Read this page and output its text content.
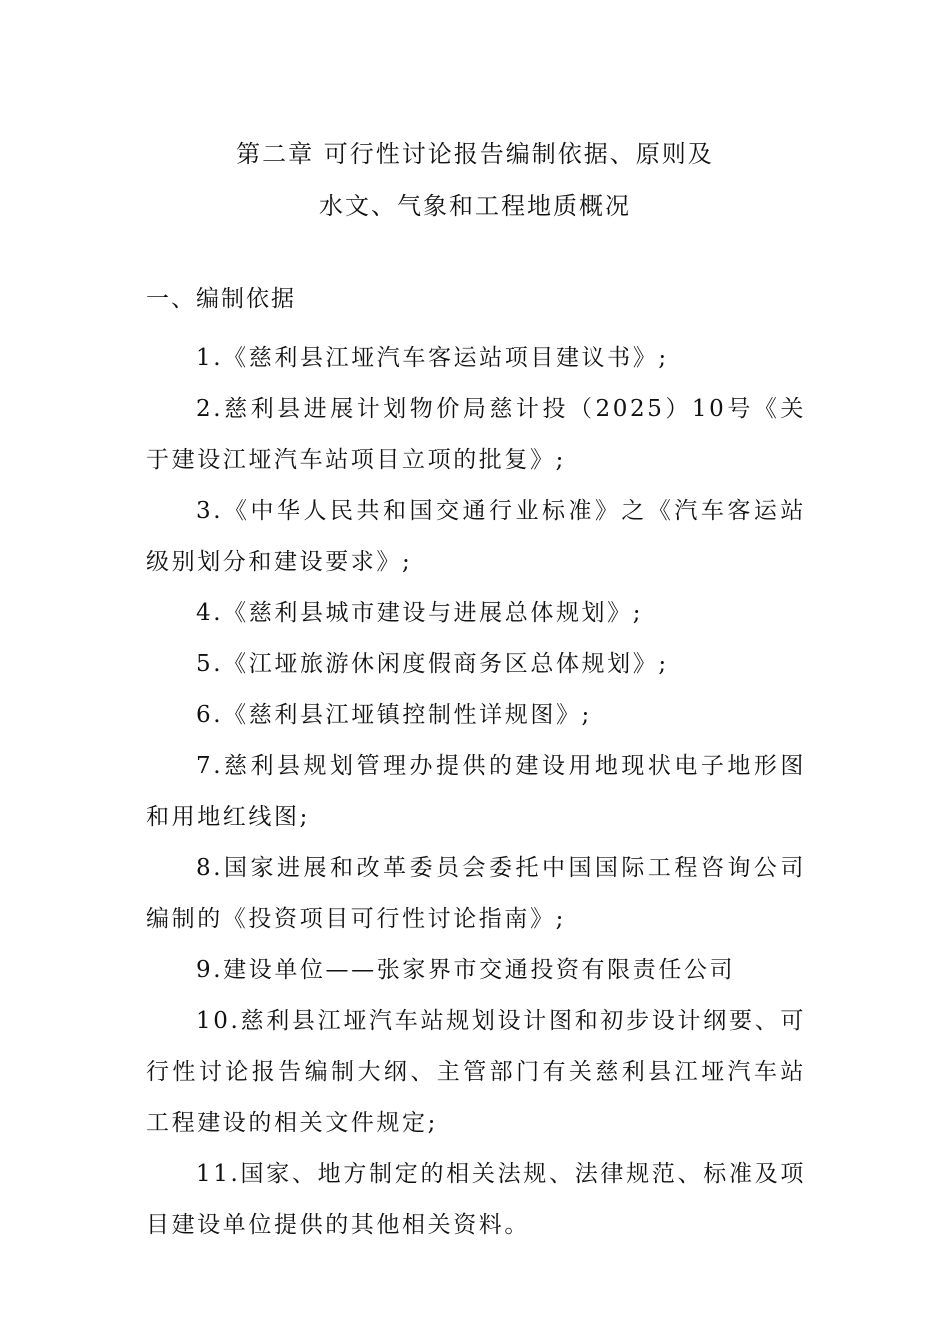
第二章 可行性讨论报告编制依据、原则及
水文、气象和工程地质概况
一、编制依据

1.《慈利县江垭汽车客运站项目建议书》;

2.慈利县进展计划物价局慈计投（2025）10号《关于建设江垭汽车站项目立项的批复》;

3.《中华人民共和国交通行业标准》之《汽车客运站级别划分和建设要求》;

4.《慈利县城市建设与进展总体规划》;

5.《江垭旅游休闲度假商务区总体规划》;

6.《慈利县江垭镇控制性详规图》;

7.慈利县规划管理办提供的建设用地现状电子地形图和用地红线图;

8.国家进展和改革委员会委托中国国际工程咨询公司编制的《投资项目可行性讨论指南》;

9.建设单位——张家界市交通投资有限责任公司

10.慈利县江垭汽车站规划设计图和初步设计纲要、可行性讨论报告编制大纲、主管部门有关慈利县江垭汽车站工程建设的相关文件规定;

11.国家、地方制定的相关法规、法律规范、标准及项目建设单位提供的其他相关资料。
